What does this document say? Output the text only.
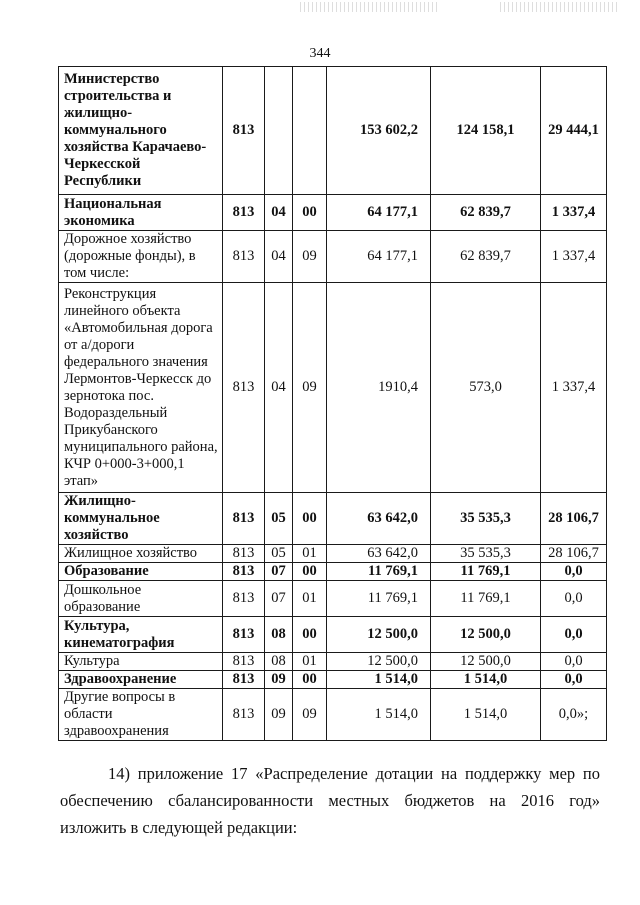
344
Министерство строительства и жилищно-коммунального хозяйства Карачаево-Черкесской Республики	813			153 602,2	124 158,1	29 444,1
Национальная экономика	813	04	00	64 177,1	62 839,7	1 337,4
Дорожное хозяйство (дорожные фонды), в том числе:	813	04	09	64 177,1	62 839,7	1 337,4
Реконструкция линейного объекта «Автомобильная дорога от а/дороги федерального значения Лермонтов-Черкесск до зернотока пос. Водораздельный Прикубанского муниципального района, КЧР 0+000-3+000,1 этап»	813	04	09	1910,4	573,0	1 337,4
Жилищно-коммунальное хозяйство	813	05	00	63 642,0	35 535,3	28 106,7
Жилищное хозяйство	813	05	01	63 642,0	35 535,3	28 106,7
Образование	813	07	00	11 769,1	11 769,1	0,0
Дошкольное образование	813	07	01	11 769,1	11 769,1	0,0
Культура, кинематография	813	08	00	12 500,0	12 500,0	0,0
Культура	813	08	01	12 500,0	12 500,0	0,0
Здравоохранение	813	09	00	1 514,0	1 514,0	0,0
Другие вопросы в области здравоохранения	813	09	09	1 514,0	1 514,0	0,0»;

14) приложение 17 «Распределение дотации на поддержку мер по обеспечению сбалансированности местных бюджетов на 2016 год» изложить в следующей редакции:
